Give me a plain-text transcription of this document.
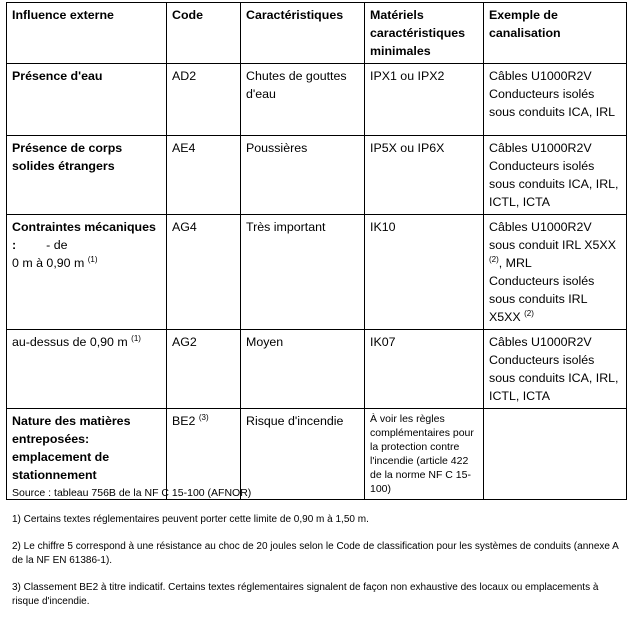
Influence externe	Code	Caractéristiques	Matériels caractéristiques minimales	Exemple de canalisation
Présence d'eau	AD2	Chutes de gouttes d'eau	IPX1 ou IPX2	Câbles U1000R2V
Conducteurs isolés sous conduits ICA, IRL

Présence de corps solides étrangers	AE4	Poussières	IP5X ou IP6X	Câbles U1000R2V
Conducteurs isolés sous conduits ICA, IRL, ICTL, ICTA

Contraintes mécaniques : - de
0 m à 0,90 m $^{(1)}$	AG4	Très important	IK10	Câbles U1000R2V sous conduit IRL X5XX $^{(2)}$, MRL
Conducteurs isolés sous conduits IRL X5XX $^{(2)}$

au-dessus de 0,90 m $^{(1)}$	AG2	Moyen	IK07	Câbles U1000R2V
Conducteurs isolés sous conduits ICA, IRL, ICTL, ICTA

Nature des matières entreposées: emplacement de stationnement	BE2 $^{(3)}$	Risque d'incendie	À voir les règles complémentaires pour la protection contre l'incendie (article 422 de la norme NF C 15-100)	

Source : tableau 756B de la NF C 15-100 (AFNOR)

1) Certains textes réglementaires peuvent porter cette limite de 0,90 m à 1,50 m.

2) Le chiffre 5 correspond à une résistance au choc de 20 joules selon le Code de classification pour les systèmes de conduits (annexe A de la NF EN 61386-1).

3) Classement BE2 à titre indicatif. Certains textes réglementaires signalent de façon non exhaustive des locaux ou emplacements à risque d'incendie.
